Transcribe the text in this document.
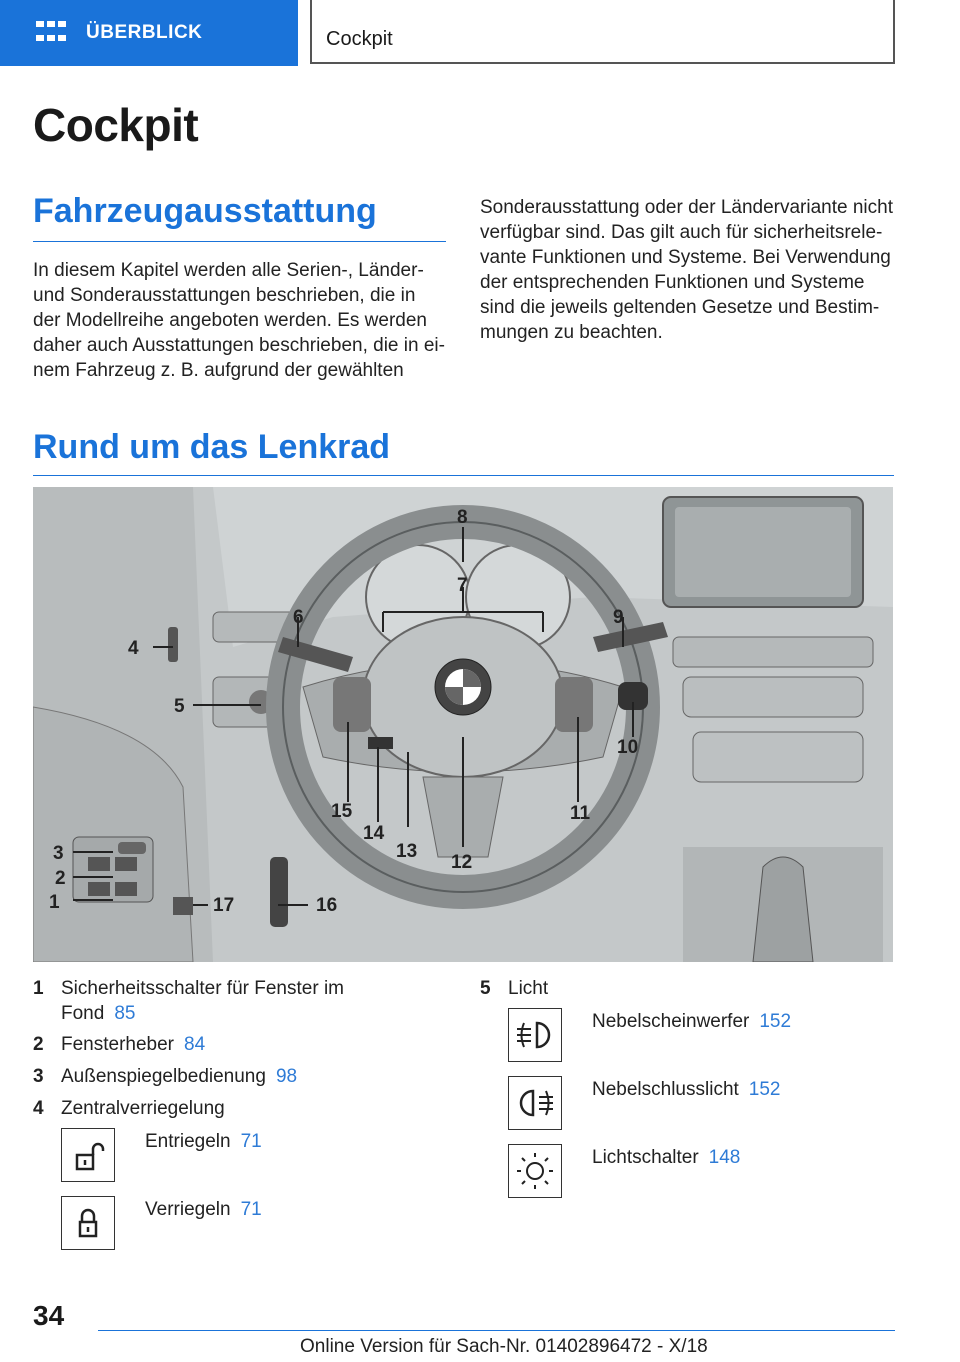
ÜBERBLICK	Cockpit
Cockpit
Fahrzeugausstattung

In diesem Kapitel werden alle Serien-, Länder- und Sonderausstattungen beschrieben, die in der Modellreihe angeboten werden. Es werden daher auch Ausstattungen beschrieben, die in ei- nem Fahrzeug z. B. aufgrund der gewählten

Sonderausstattung oder der Ländervariante nicht verfügbar sind. Das gilt auch für sicherheitsrele- vante Funktionen und Systeme. Bei Verwendung der entsprechenden Funktionen und Systeme sind die jeweils geltenden Gesetze und Bestim- mungen zu beachten.

Rund um das Lenkrad
1
2
3
4
5
6
7
8
9
10
11
12
13
14
15
16
17
1 Sicherheitsschalter für Fenster im
Fond 85
2 Fensterheber 84
3 Außenspiegelbedienung 98
4 Zentralverriegelung
Entriegeln 71
Verriegeln 71
5 Licht
Nebelscheinwerfer 152
Nebelschlusslicht 152
Lichtschalter 148
34
Online Version für Sach-Nr. 01402896472 - X/18
